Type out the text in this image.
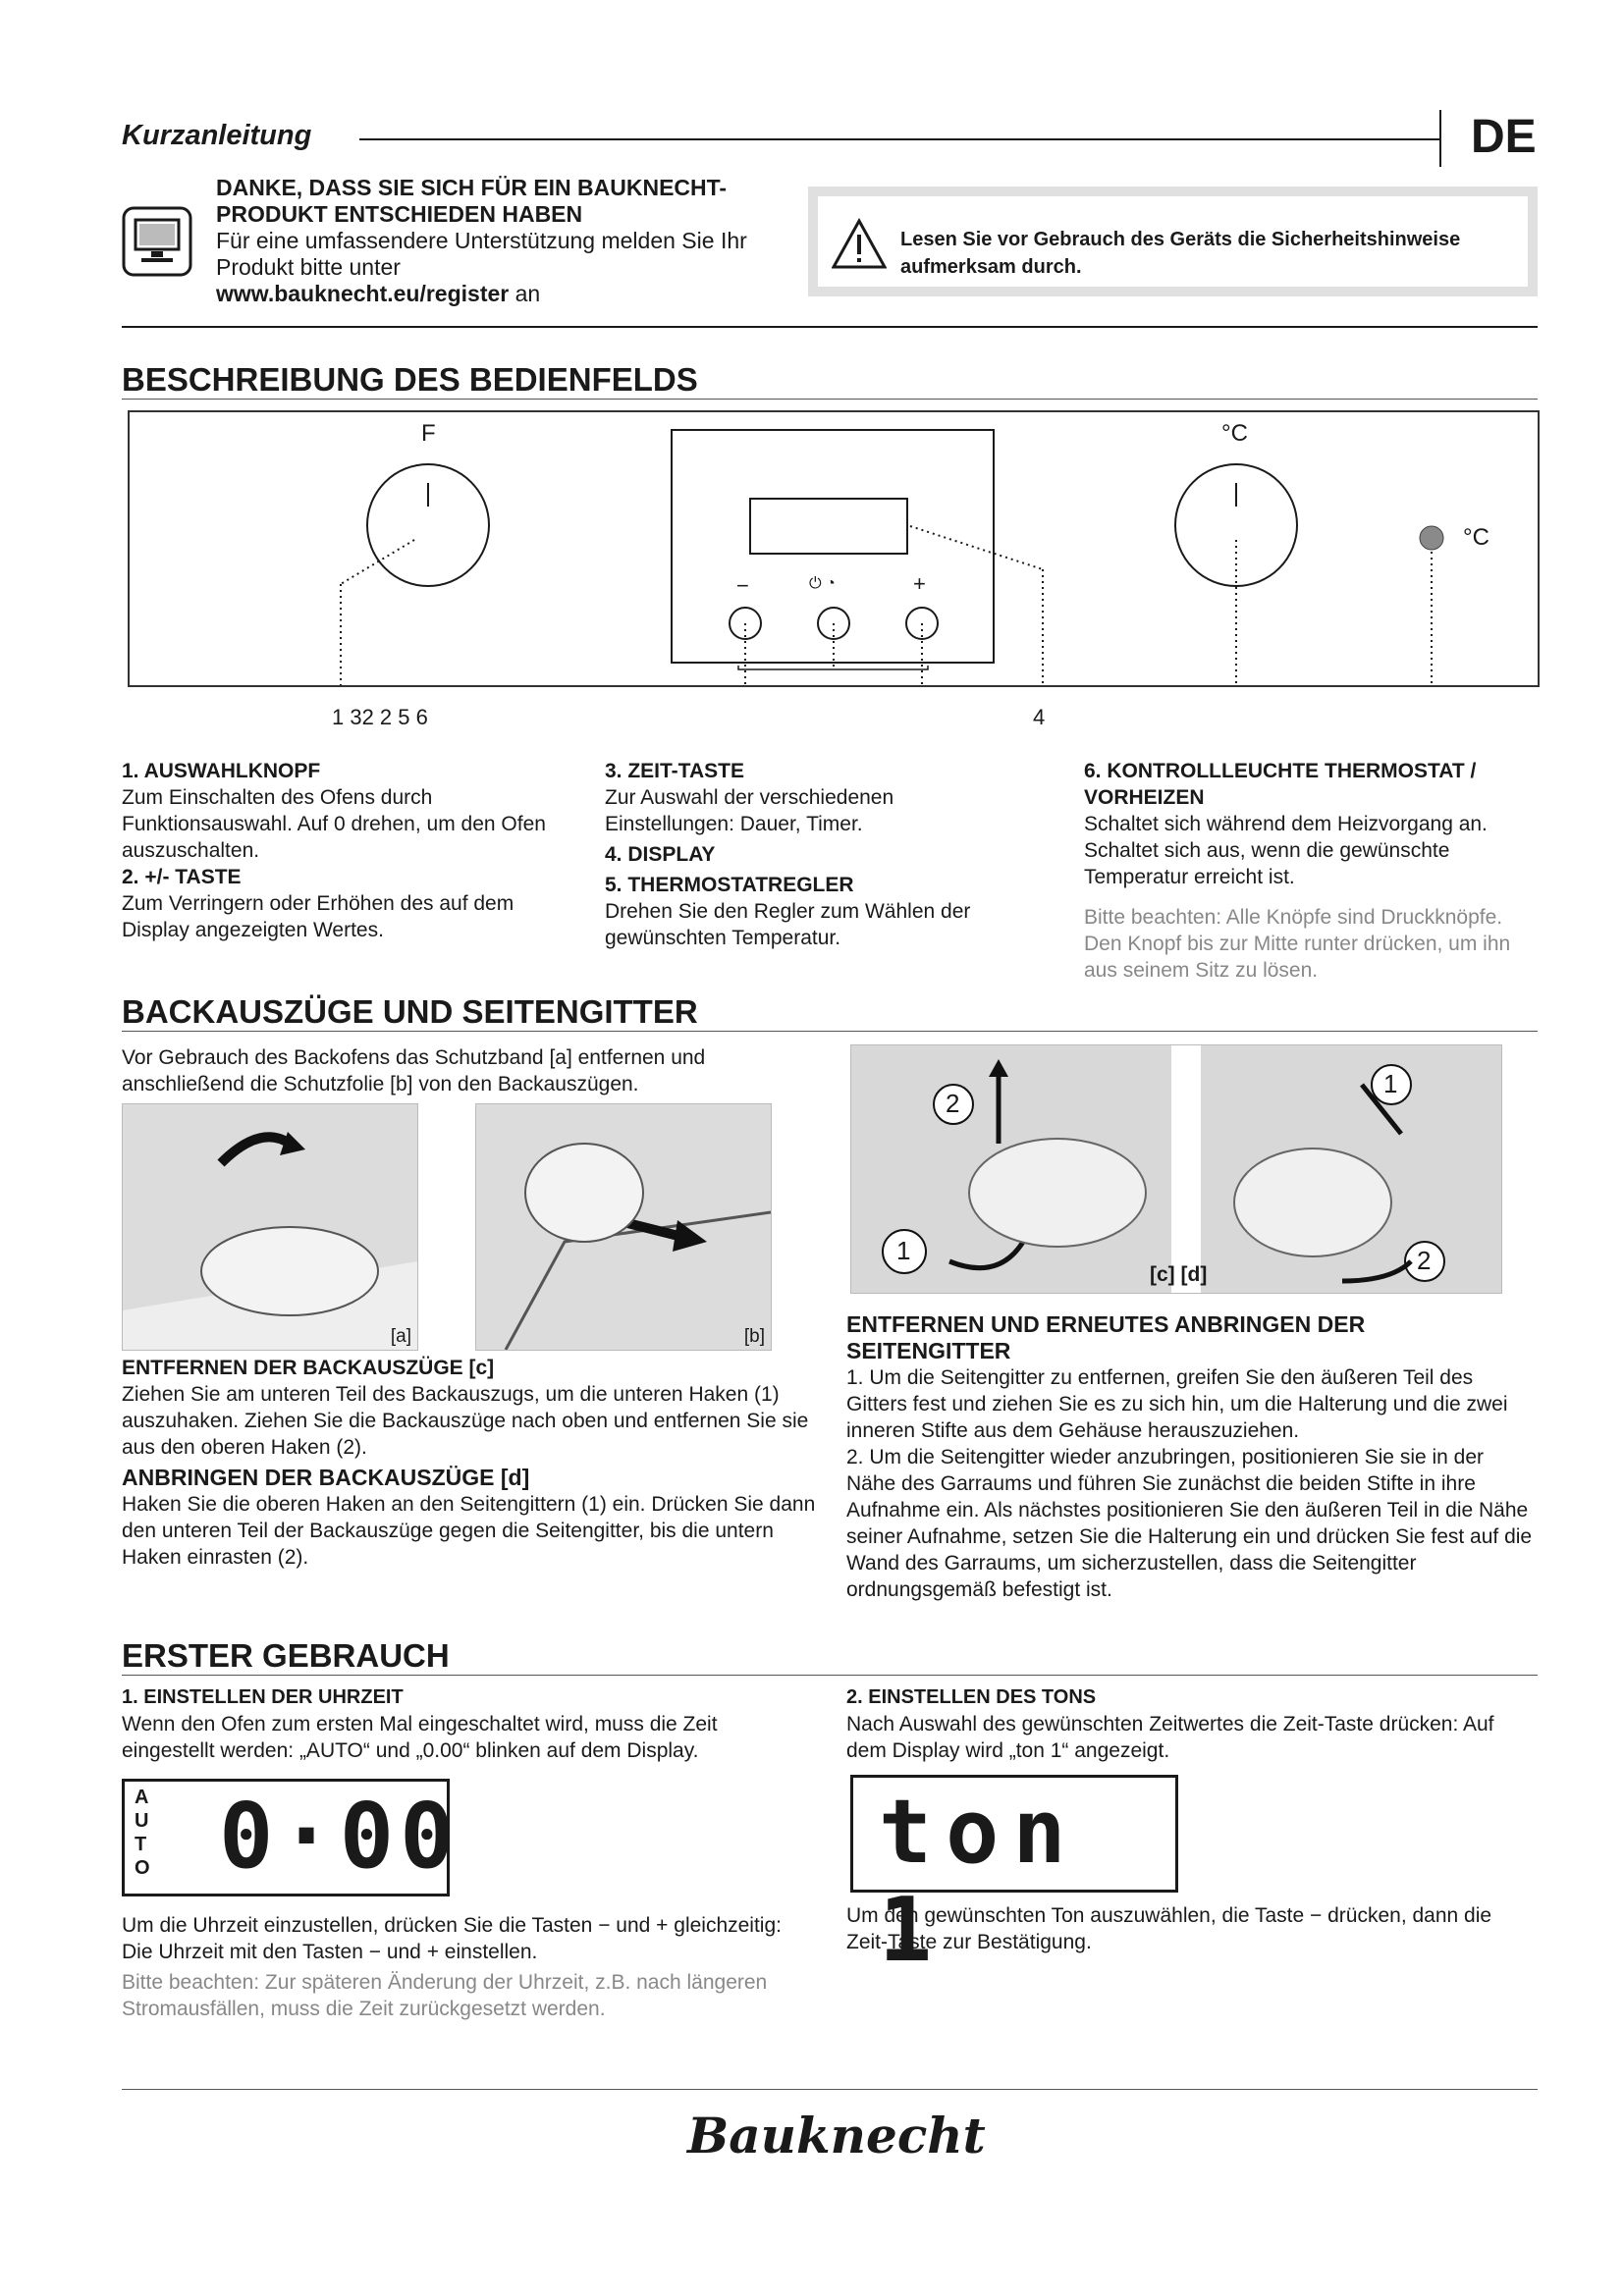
Kurzanleitung	DE
DANKE, DASS SIE SICH FÜR EIN BAUKNECHT-PRODUKT ENTSCHIEDEN HABEN
Für eine umfassendere Unterstützung melden Sie Ihr Produkt bitte unter
www.bauknecht.eu/register an
Lesen Sie vor Gebrauch des Geräts die Sicherheitshinweise aufmerksam durch.
BESCHREIBUNG DES BEDIENFELDS
F	°C
°C
−	⏻ ◔	+
1 32 2 5 6	4
1. AUSWAHLKNOPF
Zum Einschalten des Ofens durch Funktionsauswahl. Auf 0 drehen, um den Ofen auszuschalten.
2. +/- TASTE
Zum Verringern oder Erhöhen des auf dem Display angezeigten Wertes.
3. ZEIT-TASTE
Zur Auswahl der verschiedenen Einstellungen: Dauer, Timer.
4. DISPLAY
5. THERMOSTATREGLER
Drehen Sie den Regler zum Wählen der gewünschten Temperatur.
6. KONTROLLLEUCHTE THERMOSTAT / VORHEIZEN
Schaltet sich während dem Heizvorgang an. Schaltet sich aus, wenn die gewünschte Temperatur erreicht ist.
Bitte beachten: Alle Knöpfe sind Druckknöpfe. Den Knopf bis zur Mitte runter drücken, um ihn aus seinem Sitz zu lösen.
BACKAUSZÜGE UND SEITENGITTER
Vor Gebrauch des Backofens das Schutzband [a] entfernen und anschließend die Schutzfolie [b] von den Backauszügen.
[a]	[b]
2
1
1
2
[c] [d]
ENTFERNEN DER BACKAUSZÜGE [c]
Ziehen Sie am unteren Teil des Backauszugs, um die unteren Haken (1) auszuhaken. Ziehen Sie die Backauszüge nach oben und entfernen Sie sie aus den oberen Haken (2).
ANBRINGEN DER BACKAUSZÜGE [d]
Haken Sie die oberen Haken an den Seitengittern (1) ein. Drücken Sie dann den unteren Teil der Backauszüge gegen die Seitengitter, bis die untern Haken einrasten (2).
ENTFERNEN UND ERNEUTES ANBRINGEN DER SEITENGITTER
1. Um die Seitengitter zu entfernen, greifen Sie den äußeren Teil des Gitters fest und ziehen Sie es zu sich hin, um die Halterung und die zwei inneren Stifte aus dem Gehäuse herauszuziehen.
2. Um die Seitengitter wieder anzubringen, positionieren Sie sie in der Nähe des Garraums und führen Sie zunächst die beiden Stifte in ihre Aufnahme ein. Als nächstes positionieren Sie den äußeren Teil in die Nähe seiner Aufnahme, setzen Sie die Halterung ein und drücken Sie fest auf die Wand des Garraums, um sicherzustellen, dass die Seitengitter ordnungsgemäß befestigt ist.
ERSTER GEBRAUCH
1. EINSTELLEN DER UHRZEIT
Wenn den Ofen zum ersten Mal eingeschaltet wird, muss die Zeit eingestellt werden: „AUTO“ und „0.00“ blinken auf dem Display.
A
U
T
O 0·00
Um die Uhrzeit einzustellen, drücken Sie die Tasten − und + gleichzeitig: Die Uhrzeit mit den Tasten − und + einstellen.
Bitte beachten: Zur späteren Änderung der Uhrzeit, z.B. nach längeren Stromausfällen, muss die Zeit zurückgesetzt werden.
2. EINSTELLEN DES TONS
Nach Auswahl des gewünschten Zeitwertes die Zeit-Taste drücken: Auf dem Display wird „ton 1“ angezeigt.
ton 1
Um den gewünschten Ton auszuwählen, die Taste − drücken, dann die Zeit-Taste zur Bestätigung.
Bauknecht
